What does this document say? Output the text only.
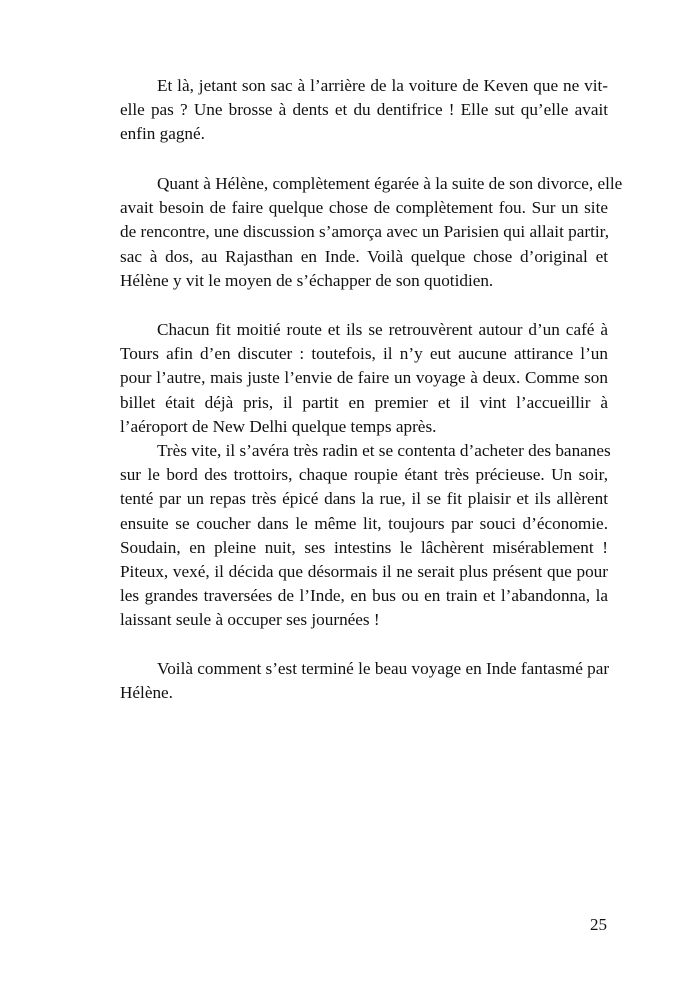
Et là, jetant son sac à l’arrière de la voiture de Keven que ne vit-
elle pas ? Une brosse à dents et du dentifrice ! Elle sut qu’elle avait
enfin gagné.
Quant à Hélène, complètement égarée à la suite de son divorce, elle
avait besoin de faire quelque chose de complètement fou. Sur un site
de rencontre, une discussion s’amorça avec un Parisien qui allait partir,
sac à dos, au Rajasthan en Inde. Voilà quelque chose d’original et
Hélène y vit le moyen de s’échapper de son quotidien.
Chacun fit moitié route et ils se retrouvèrent autour d’un café à
Tours afin d’en discuter : toutefois, il n’y eut aucune attirance l’un
pour l’autre, mais juste l’envie de faire un voyage à deux. Comme son
billet était déjà pris, il partit en premier et il vint l’accueillir à
l’aéroport de New Delhi quelque temps après.
Très vite, il s’avéra très radin et se contenta d’acheter des bananes
sur le bord des trottoirs, chaque roupie étant très précieuse. Un soir,
tenté par un repas très épicé dans la rue, il se fit plaisir et ils allèrent
ensuite se coucher dans le même lit, toujours par souci d’économie.
Soudain, en pleine nuit, ses intestins le lâchèrent misérablement !
Piteux, vexé, il décida que désormais il ne serait plus présent que pour
les grandes traversées de l’Inde, en bus ou en train et l’abandonna, la
laissant seule à occuper ses journées !
Voilà comment s’est terminé le beau voyage en Inde fantasmé par
Hélène.
25
